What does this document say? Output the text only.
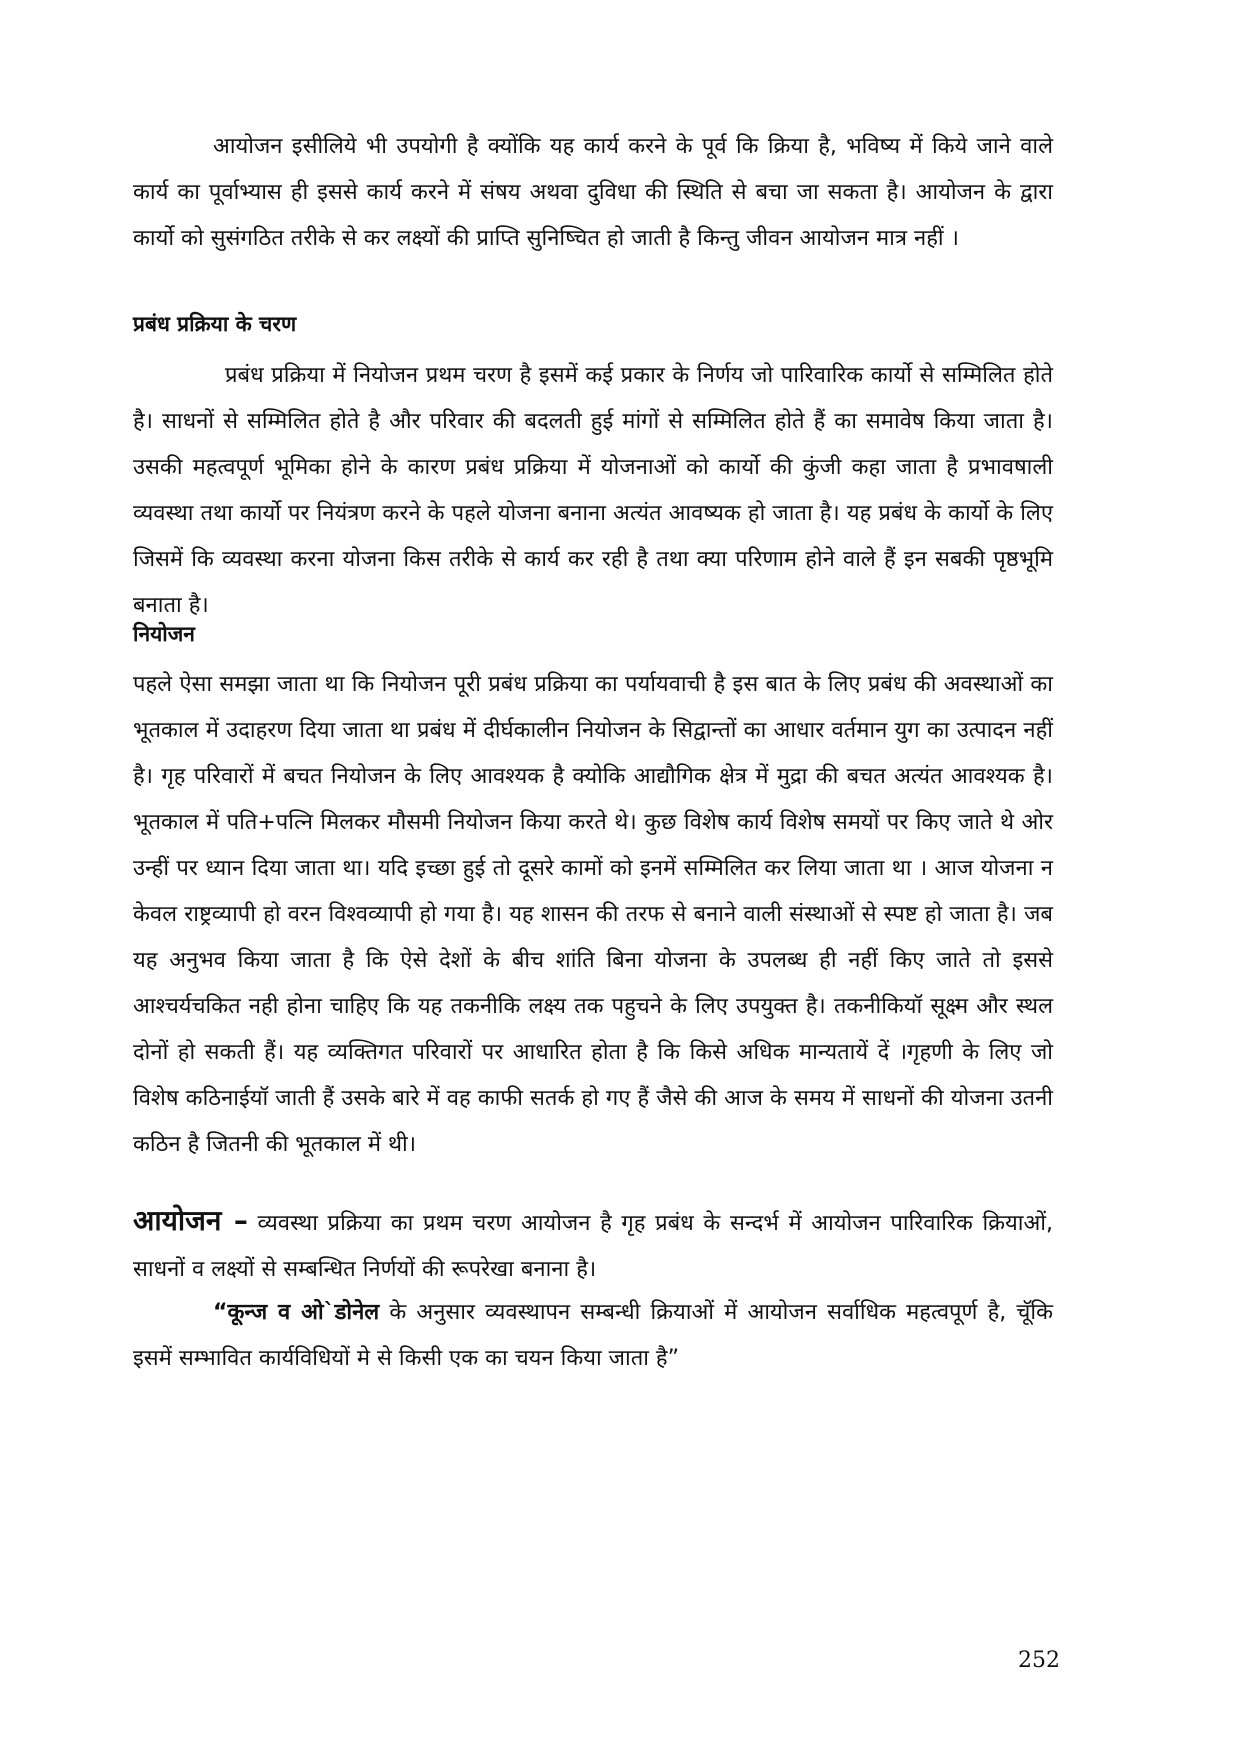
आयोजन इसीलिये भी उपयोगी है क्योंकि यह कार्य करने के पूर्व कि क्रिया है, भविष्य में किये जाने वाले कार्य का पूर्वाभ्यास ही इससे कार्य करने में संषय अथवा दुविधा की स्थिति से बचा जा सकता है। आयोजन के द्वारा कार्यो को सुसंगठित तरीके से कर लक्ष्यों की प्राप्ति सुनिष्चित हो जाती है किन्तु जीवन आयोजन मात्र नहीं ।

प्रबंध प्रक्रिया के चरण

प्रबंध प्रक्रिया में नियोजन प्रथम चरण है इसमें कई प्रकार के निर्णय जो पारिवारिक कार्यो से सम्मिलित होते है। साधनों से सम्मिलित होते है और परिवार की बदलती हुई मांगों से सम्मिलित होते हैं का समावेष किया जाता है। उसकी महत्वपूर्ण भूमिका होने के कारण प्रबंध प्रक्रिया में योजनाओं को कार्यो की कुंजी कहा जाता है प्रभावषाली व्यवस्था तथा कार्यो पर नियंत्रण करने के पहले योजना बनाना अत्यंत आवष्यक हो जाता है। यह प्रबंध के कार्यो के लिए जिसमें कि व्यवस्था करना योजना किस तरीके से कार्य कर रही है तथा क्या परिणाम होने वाले हैं इन सबकी पृष्ठभूमि बनाता है।

नियोजन

पहले ऐसा समझा जाता था कि नियोजन पूरी प्रबंध प्रक्रिया का पर्यायवाची है इस बात के लिए प्रबंध की अवस्थाओं का भूतकाल में उदाहरण दिया जाता था प्रबंध में दीर्घकालीन नियोजन के सिद्वान्तों का आधार वर्तमान युग का उत्पादन नहीं है। गृह परिवारों में बचत नियोजन के लिए आवश्यक है क्योकि आद्यौगिक क्षेत्र में मुद्रा की बचत अत्यंत आवश्यक है। भूतकाल में पति+पत्नि मिलकर मौसमी नियोजन किया करते थे। कुछ विशेष कार्य विशेष समयों पर किए जाते थे ओर उन्हीं पर ध्यान दिया जाता था। यदि इच्छा हुई तो दूसरे कामों को इनमें सम्मिलित कर लिया जाता था । आज योजना न केवल राष्ट्रव्यापी हो वरन विश्वव्यापी हो गया है। यह शासन की तरफ से बनाने वाली संस्थाओं से स्पष्ट हो जाता है। जब यह अनुभव किया जाता है कि ऐसे देशों के बीच शांति बिना योजना के उपलब्ध ही नहीं किए जाते तो इससे आश्चर्यचकित नही होना चाहिए कि यह तकनीकि लक्ष्य तक पहुचने के लिए उपयुक्त है। तकनीकियॉ सूक्ष्म और स्थल दोनों हो सकती हैं। यह व्यक्तिगत परिवारों पर आधारित होता है कि किसे अधिक मान्यतायें दें ।गृहणी के लिए जो विशेष कठिनाईयॉ जाती हैं उसके बारे में वह काफी सतर्क हो गए हैं जैसे की आज के समय में साधनों की योजना उतनी कठिन है जितनी की भूतकाल में थी।

आयोजन – व्यवस्था प्रक्रिया का प्रथम चरण आयोजन है गृह प्रबंध के सन्दर्भ में आयोजन पारिवारिक क्रियाओं, साधनों व लक्ष्यों से सम्बन्धित निर्णयों की रूपरेखा बनाना है।

“कून्ज व ओ`डोनेल के अनुसार व्यवस्थापन सम्बन्धी क्रियाओं में आयोजन सर्वाधिक महत्वपूर्ण है, चूॅकि इसमें सम्भावित कार्यविधियों मे से किसी एक का चयन किया जाता है”

252
